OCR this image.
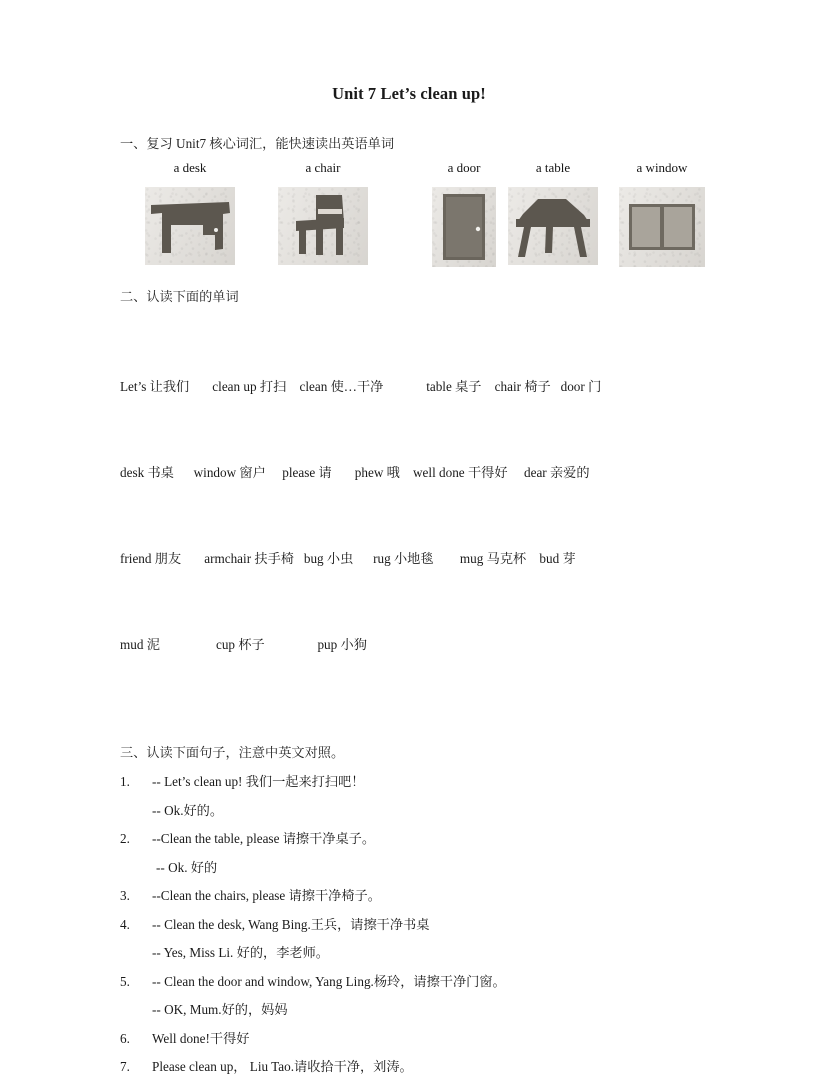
Unit 7 Let’s clean up!
一、复习 Unit7 核心词汇，能快速读出英语单词
a desk	a chair	a door	a table	a window
二、认读下面的单词

Let’s 让我们    clean up 打扫   clean 使…干净    table 桌子   chair 椅子  door 门

desk 书桌   window 窗户    please 请    phew 哦   well done 干得好    dear 亲爱的

friend 朋友    armchair 扶手椅  bug 小虫   rug 小地毯    mug 马克杯   bud 芽

mud 泥     cup 杯子      pup 小狗

三、认读下面句子，注意中英文对照。
1.	-- Let’s clean up! 我们一起来打扫吧！
-- Ok.好的。
2.	--Clean the table, please 请擦干净桌子。
-- Ok. 好的
3.	--Clean the chairs, please 请擦干净椅子。
4.	-- Clean the desk, Wang Bing.王兵，请擦干净书桌
-- Yes, Miss Li. 好的，李老师。
5.	-- Clean the door and window, Yang Ling.杨玲，请擦干净门窗。
-- OK, Mum.好的，妈妈
6.	Well done!干得好
7.	Please clean up， Liu Tao.请收拾干净，刘涛。
